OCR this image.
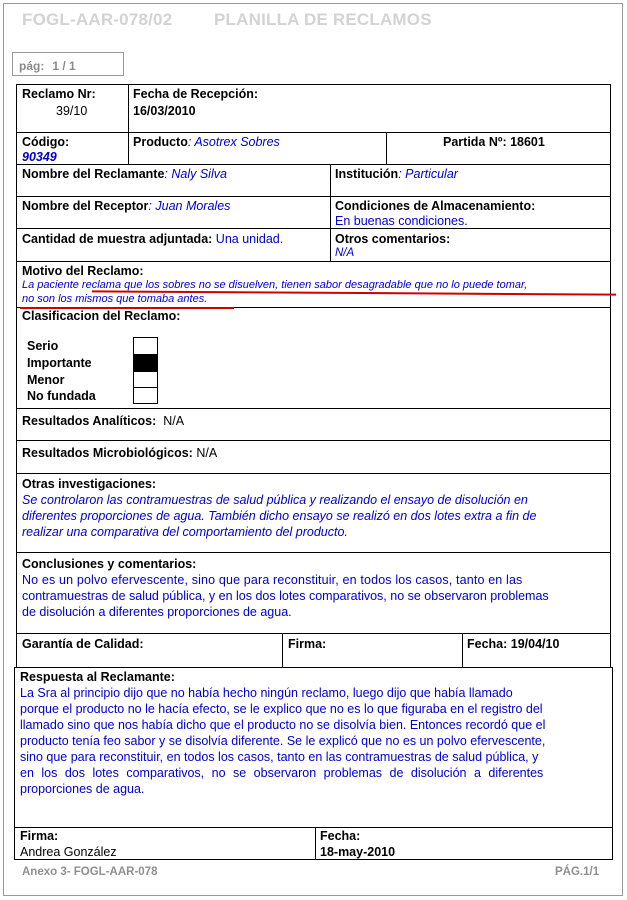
FOGL-AAR-078/02 PLANILLA DE RECLAMOS
pág: 1 / 1
Reclamo Nr:
39/10
Fecha de Recepción:
16/03/2010
Código:
90349
Producto: Asotrex Sobres	Partida Nº: 18601
Nombre del Reclamante: Naly Silva	Institución: Particular
Nombre del Receptor: Juan Morales	Condiciones de Almacenamiento:
En buenas condiciones.
Cantidad de muestra adjuntada: Una unidad.	Otros comentarios:
N/A
Motivo del Reclamo:
La paciente reclama que los sobres no se disuelven, tienen sabor desagradable que no lo puede tomar,
no son los mismos que tomaba antes.
Clasificacion del Reclamo:
Serio
Importante
Menor
No fundada
Resultados Analíticos: N/A
Resultados Microbiológicos: N/A
Otras investigaciones:
Se controlaron las contramuestras de salud pública y realizando el ensayo de disolución en
diferentes proporciones de agua. También dicho ensayo se realizó en dos lotes extra a fin de
realizar una comparativa del comportamiento del producto.
Conclusiones y comentarios:
No es un polvo efervescente, sino que para reconstituir, en todos los casos, tanto en las
contramuestras de salud pública, y en los dos lotes comparativos, no se observaron problemas
de disolución a diferentes proporciones de agua.
Garantía de Calidad:	Firma:	Fecha: 19/04/10
Respuesta al Reclamante:
La Sra al principio dijo que no había hecho ningún reclamo, luego dijo que había llamado
porque el producto no le hacía efecto, se le explico que no es lo que figuraba en el registro del
llamado sino que nos había dicho que el producto no se disolvía bien. Entonces recordó que el
producto tenía feo sabor y se disolvía diferente. Se le explicó que no es un polvo efervescente,
sino que para reconstituir, en todos los casos, tanto en las contramuestras de salud pública, y
en los dos lotes comparativos, no se observaron problemas de disolución a diferentes
proporciones de agua.
Firma:
Andrea González
Fecha:
18-may-2010
Anexo 3- FOGL-AAR-078	PÁG.1/1
